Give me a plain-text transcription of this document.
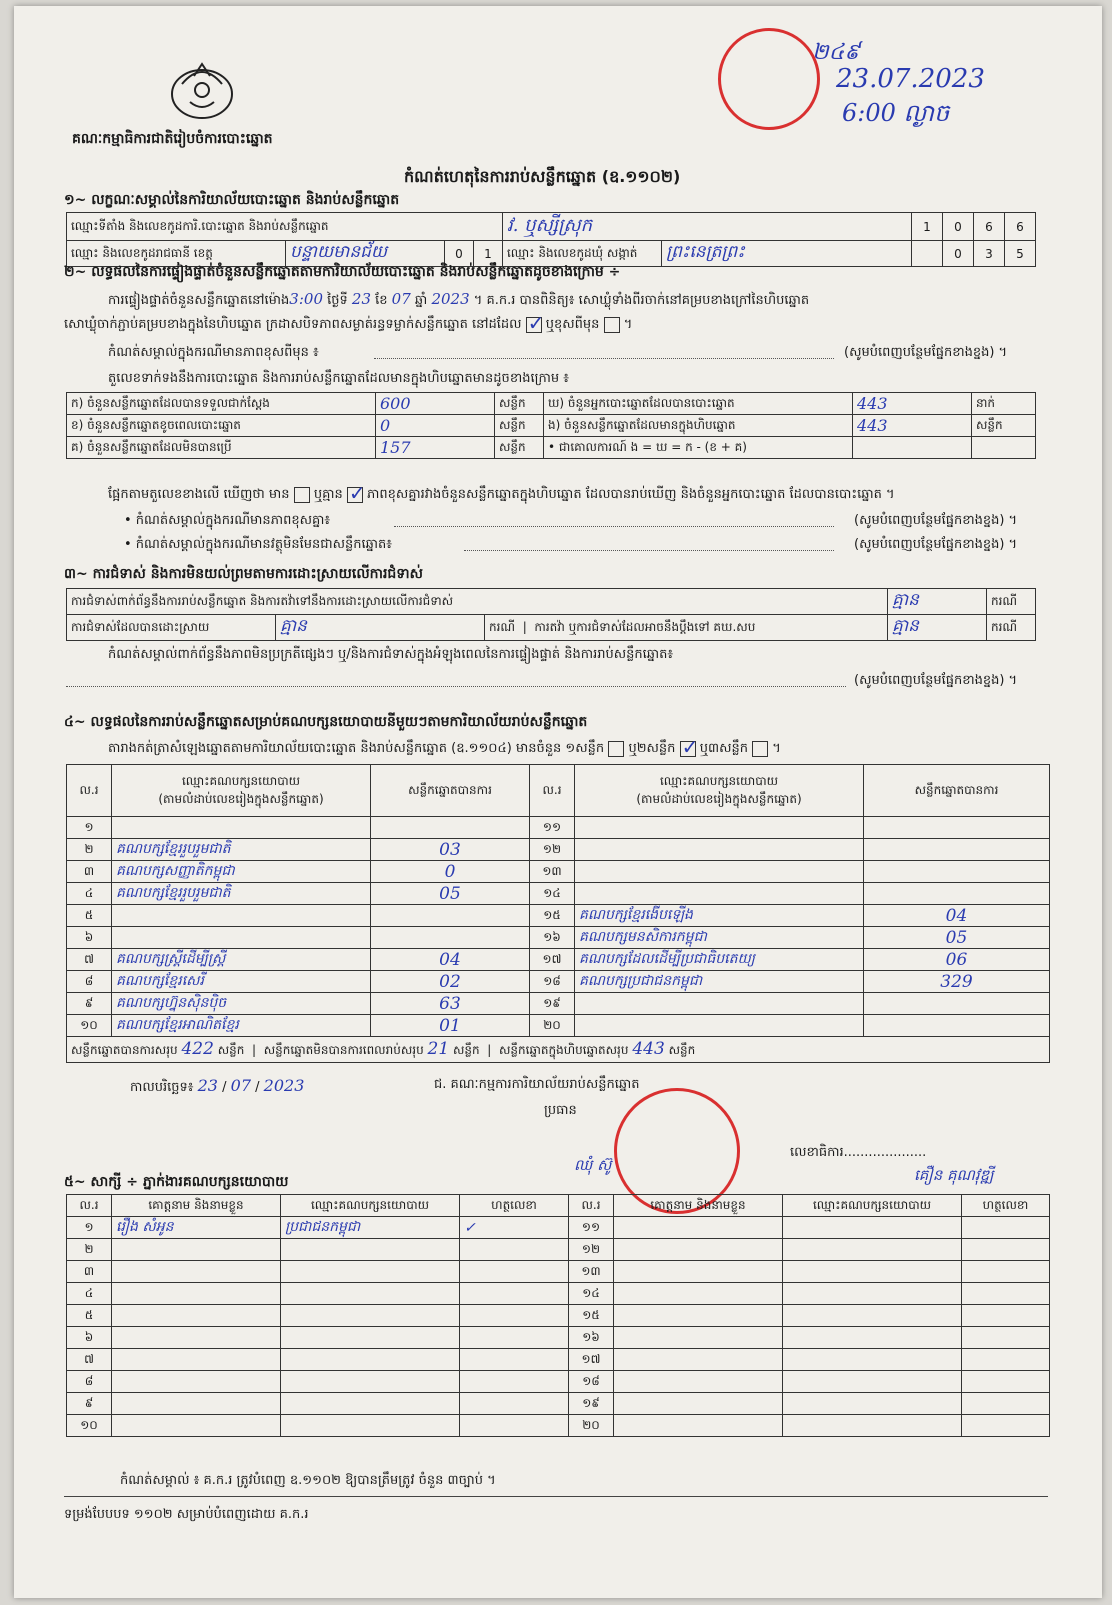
គណៈកម្មាធិការជាតិរៀបចំការបោះឆ្នោត
២៤៩
23.07.2023
6:00 ល្ងាច
កំណត់ហេតុនៃការរាប់សន្លឹកឆ្នោត (ឧ.១១០២)
១~ លក្ខណៈសម្គាល់នៃការិយាល័យបោះឆ្នោត និងរាប់សន្លឹកឆ្នោត
ឈ្មោះទីតាំង និងលេខកូដការិ.បោះឆ្នោត និងរាប់សន្លឹកឆ្នោត				វ. ឬស្សីស្រុក		1	0	6	6
ឈ្មោះ និងលេខកូដរាជធានី ខេត្ត	បន្ទាយមានជ័យ	0	1	ឈ្មោះ និងលេខកូដឃុំ សង្កាត់	ព្រះនេត្រព្រះ		0	3	5
២~ លទ្ធផលនៃការផ្ទៀងផ្ទាត់ចំនួនសន្លឹកឆ្នោតតាមការិយាល័យបោះឆ្នោត និងរាប់សន្លឹកឆ្នោតដូចខាងក្រោម ÷
ការផ្ទៀងផ្ទាត់ចំនួនសន្លឹកឆ្នោតនៅម៉ោង3:00 ថ្ងៃទី 23 ខែ 07 ឆ្នាំ 2023 ។ គ.ក.រ បានពិនិត្យ៖ សោឃ្លុំទាំងពីរចាក់នៅគម្របខាងក្រៅនៃហិបឆ្នោត
សោឃ្លុំចាក់ភ្ជាប់គម្របខាងក្នុងនៃហិបឆ្នោត ក្រដាសបិទភាពសម្ងាត់រន្ធទម្លាក់សន្លឹកឆ្នោត នៅដដែល ✓ ឬខុសពីមុន  ។
កំណត់សម្គាល់ក្នុងករណីមានភាពខុសពីមុន ៖	(សូមបំពេញបន្ថែមផ្នែកខាងខ្នង) ។
តួលេខទាក់ទងនឹងការបោះឆ្នោត និងការរាប់សន្លឹកឆ្នោតដែលមានក្នុងហិបឆ្នោតមានដូចខាងក្រោម ៖
ក) ចំនួនសន្លឹកឆ្នោតដែលបានទទួលជាក់ស្តែង	600	សន្លឹក	ឃ) ចំនួនអ្នកបោះឆ្នោតដែលបានបោះឆ្នោត	443	នាក់
ខ) ចំនួនសន្លឹកឆ្នោតខូចពេលបោះឆ្នោត	0	សន្លឹក	ង) ចំនួនសន្លឹកឆ្នោតដែលមានក្នុងហិបឆ្នោត	443	សន្លឹក
គ) ចំនួនសន្លឹកឆ្នោតដែលមិនបានប្រើ	157	សន្លឹក	• ជាគោលការណ៍ ង = ឃ = ក - (ខ + គ)		
ផ្អែកតាមតួលេខខាងលើ ឃើញថា មាន ឬគ្មាន ✓ ភាពខុសគ្នារវាងចំនួនសន្លឹកឆ្នោតក្នុងហិបឆ្នោត ដែលបានរាប់ឃើញ និងចំនួនអ្នកបោះឆ្នោត ដែលបានបោះឆ្នោត ។
• កំណត់សម្គាល់ក្នុងករណីមានភាពខុសគ្នា៖	(សូមបំពេញបន្ថែមផ្នែកខាងខ្នង) ។
• កំណត់សម្គាល់ក្នុងករណីមានវត្ថុមិនមែនជាសន្លឹកឆ្នោត៖	(សូមបំពេញបន្ថែមផ្នែកខាងខ្នង) ។
៣~ ការជំទាស់ និងការមិនយល់ព្រមតាមការដោះស្រាយលើការជំទាស់
ការជំទាស់ពាក់ព័ន្ធនឹងការរាប់សន្លឹកឆ្នោត និងការតវ៉ាទៅនឹងការដោះស្រាយលើការជំទាស់			គ្មាន	ករណី
ការជំទាស់ដែលបានដោះស្រាយ	គ្មាន	ករណី  |  ការតវ៉ា ឬការជំទាស់ដែលអាចនឹងប្តឹងទៅ គឃ.សប	គ្មាន	ករណី
កំណត់សម្គាល់ពាក់ព័ន្ធនឹងភាពមិនប្រក្រតីផ្សេងៗ ឬ/និងការជំទាស់ក្នុងអំឡុងពេលនៃការផ្ទៀងផ្ទាត់ និងការរាប់សន្លឹកឆ្នោត៖
(សូមបំពេញបន្ថែមផ្នែកខាងខ្នង) ។
៤~ លទ្ធផលនៃការរាប់សន្លឹកឆ្នោតសម្រាប់គណបក្សនយោបាយនីមួយៗតាមការិយាល័យរាប់សន្លឹកឆ្នោត
តារាងកត់ត្រាសំឡេងឆ្នោតតាមការិយាល័យបោះឆ្នោត និងរាប់សន្លឹកឆ្នោត (ឧ.១១០៤) មានចំនួន ១សន្លឹក ឬ២សន្លឹក ✓ ឬ៣សន្លឹក  ។
ល.រ	ឈ្មោះគណបក្សនយោបាយ
(តាមលំដាប់លេខរៀងក្នុងសន្លឹកឆ្នោត)	សន្លឹកឆ្នោតបានការ	ល.រ	ឈ្មោះគណបក្សនយោបាយ
(តាមលំដាប់លេខរៀងក្នុងសន្លឹកឆ្នោត)	សន្លឹកឆ្នោតបានការ
១			១១		
២	គណបក្សខ្មែររួបរួមជាតិ	03	១២		
៣	គណបក្សសញ្ញាតិកម្ពុជា	0	១៣		
៤	គណបក្សខ្មែររួបរួមជាតិ	05	១៤		
៥			១៥	គណបក្សខ្មែរងើបឡើង	04
៦			១៦	គណបក្សមនសិការកម្ពុជា	05
៧	គណបក្សស្ត្រីដើម្បីស្ត្រី	04	១៧	គណបក្សដែលដើម្បីប្រជាធិបតេយ្យ	06
៨	គណបក្សខ្មែរសេរី	02	១៨	គណបក្សប្រជាជនកម្ពុជា	329
៩	គណបក្សហ្វ៊ុនស៊ិនប៉ិច	63	១៩		
១០	គណបក្សខ្មែរអាណិតខ្មែរ	01	២០		
សន្លឹកឆ្នោតបានការសរុប 422 សន្លឹក  |  សន្លឹកឆ្នោតមិនបានការពេលរាប់សរុប 21 សន្លឹក  |  សន្លឹកឆ្នោតក្នុងហិបឆ្នោតសរុប 443 សន្លឹក					
កាលបរិច្ឆេទ៖ 23 / 07 / 2023	ជ. គណៈកម្មការការិយាល័យរាប់សន្លឹកឆ្នោត
ប្រធាន
ឈុំ ស៊ូ
លេខាធិការ....................
គឿន គុណវុឌ្ឍី
៥~ សាក្សី ÷ ភ្នាក់ងារគណបក្សនយោបាយ
ល.រ	គោត្តនាម និងនាមខ្លួន	ឈ្មោះគណបក្សនយោបាយ	ហត្ថលេខា	ល.រ	គោត្តនាម និងនាមខ្លួន	ឈ្មោះគណបក្សនយោបាយ	ហត្ថលេខា
១	រឿង សំអូន	ប្រជាជនកម្ពុជា	✓	១១			
២				១២			
៣				១៣			
៤				១៤			
៥				១៥			
៦				១៦			
៧				១៧			
៨				១៨			
៩				១៩			
១០				២០			
កំណត់សម្គាល់ ៖ គ.ក.រ ត្រូវបំពេញ ឧ.១១០២ ឱ្យបានត្រឹមត្រូវ ចំនួន ៣ច្បាប់ ។
ទម្រង់បែបបទ ១១០២ សម្រាប់បំពេញដោយ គ.ក.រ
